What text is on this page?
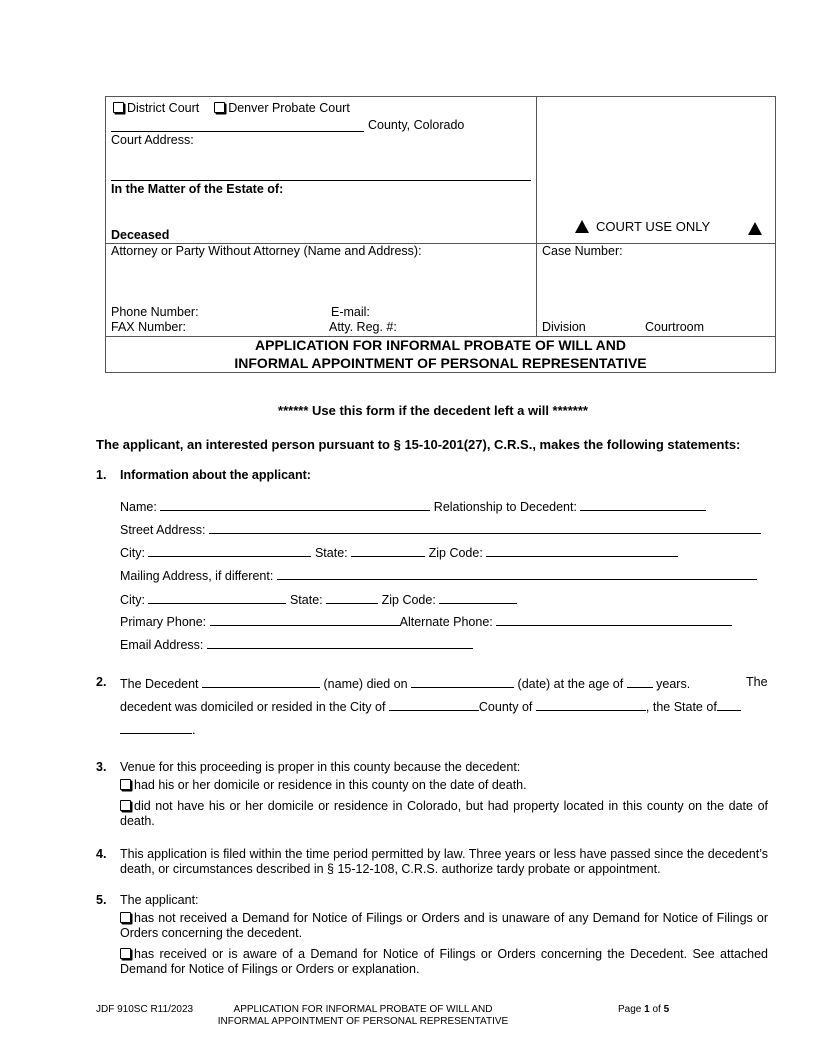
District Court Denver Probate Court
County, Colorado
Court Address:
In the Matter of the Estate of:
Deceased
COURT USE ONLY
Attorney or Party Without Attorney (Name and Address):
Phone Number:	E-mail:
FAX Number:	Atty. Reg. #:
Case Number:
Division	Courtroom
APPLICATION FOR INFORMAL PROBATE OF WILL AND
INFORMAL APPOINTMENT OF PERSONAL REPRESENTATIVE
****** Use this form if the decedent left a will *******
The applicant, an interested person pursuant to § 15-10-201(27), C.R.S., makes the following statements:
1. Information about the applicant:
Name:	Relationship to Decedent:
Street Address:
City:	State:	Zip Code:
Mailing Address, if different:
City:	State:	Zip Code:
Primary Phone:	Alternate Phone:
Email Address:
2. The Decedent	(name) died on	(date) at the age of	years.	The
decedent was domiciled or resided in the City of	County of	, the State of
.
3. Venue for this proceeding is proper in this county because the decedent:
had his or her domicile or residence in this county on the date of death.
did not have his or her domicile or residence in Colorado, but had property located in this county on the date of death.
4. This application is filed within the time period permitted by law. Three years or less have passed since the decedent’s death, or circumstances described in § 15-12-108, C.R.S. authorize tardy probate or appointment.
5. The applicant:
has not received a Demand for Notice of Filings or Orders and is unaware of any Demand for Notice of Filings or Orders concerning the decedent.
has received or is aware of a Demand for Notice of Filings or Orders concerning the Decedent. See attached Demand for Notice of Filings or Orders or explanation.
JDF 910SC R11/2023	APPLICATION FOR INFORMAL PROBATE OF WILL AND
INFORMAL APPOINTMENT OF PERSONAL REPRESENTATIVE
Page 1 of 5
